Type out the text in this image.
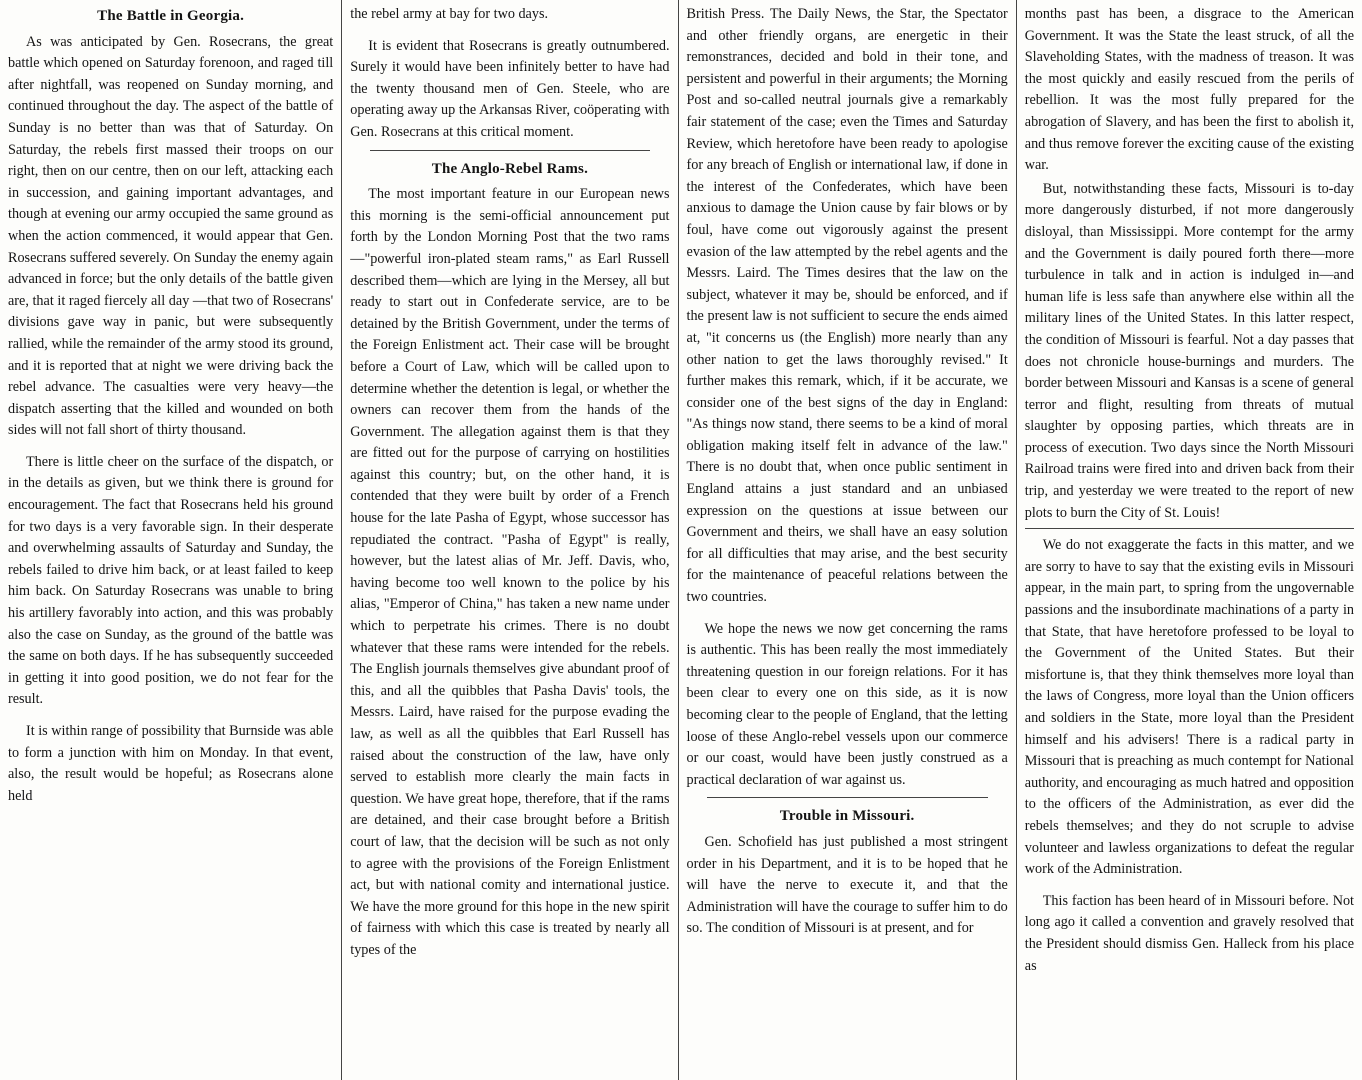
The Battle in Georgia.

As was anticipated by Gen. Rosecrans, the great battle which opened on Saturday forenoon, and raged till after nightfall, was reopened on Sunday morning, and continued throughout the day. The aspect of the battle of Sunday is no better than was that of Saturday. On Saturday, the rebels first massed their troops on our right, then on our centre, then on our left, attacking each in succession, and gaining important advantages, and though at evening our army occupied the same ground as when the action commenced, it would appear that Gen. Rosecrans suffered severely. On Sunday the enemy again advanced in force; but the only details of the battle given are, that it raged fiercely all day —that two of Rosecrans' divisions gave way in panic, but were subsequently rallied, while the remainder of the army stood its ground, and it is reported that at night we were driving back the rebel advance. The casualties were very heavy—the dispatch asserting that the killed and wounded on both sides will not fall short of thirty thousand.

There is little cheer on the surface of the dispatch, or in the details as given, but we think there is ground for encouragement. The fact that Rosecrans held his ground for two days is a very favorable sign. In their desperate and overwhelming assaults of Saturday and Sunday, the rebels failed to drive him back, or at least failed to keep him back. On Saturday Rosecrans was unable to bring his artillery favorably into action, and this was probably also the case on Sunday, as the ground of the battle was the same on both days. If he has subsequently succeeded in getting it into good position, we do not fear for the result.

It is within range of possibility that Burnside was able to form a junction with him on Monday. In that event, also, the result would be hopeful; as Rosecrans alone held

the rebel army at bay for two days.

It is evident that Rosecrans is greatly outnumbered. Surely it would have been infinitely better to have had the twenty thousand men of Gen. Steele, who are operating away up the Arkansas River, coöperating with Gen. Rosecrans at this critical moment.

The Anglo-Rebel Rams.

The most important feature in our European news this morning is the semi-official announcement put forth by the London Morning Post that the two rams—"powerful iron-plated steam rams," as Earl Russell described them—which are lying in the Mersey, all but ready to start out in Confederate service, are to be detained by the British Government, under the terms of the Foreign Enlistment act. Their case will be brought before a Court of Law, which will be called upon to determine whether the detention is legal, or whether the owners can recover them from the hands of the Government. The allegation against them is that they are fitted out for the purpose of carrying on hostilities against this country; but, on the other hand, it is contended that they were built by order of a French house for the late Pasha of Egypt, whose successor has repudiated the contract. "Pasha of Egypt" is really, however, but the latest alias of Mr. Jeff. Davis, who, having become too well known to the police by his alias, "Emperor of China," has taken a new name under which to perpetrate his crimes. There is no doubt whatever that these rams were intended for the rebels. The English journals themselves give abundant proof of this, and all the quibbles that Pasha Davis' tools, the Messrs. Laird, have raised for the purpose evading the law, as well as all the quibbles that Earl Russell has raised about the construction of the law, have only served to establish more clearly the main facts in question. We have great hope, therefore, that if the rams are detained, and their case brought before a British court of law, that the decision will be such as not only to agree with the provisions of the Foreign Enlistment act, but with national comity and international justice. We have the more ground for this hope in the new spirit of fairness with which this case is treated by nearly all types of the

British Press. The Daily News, the Star, the Spectator and other friendly organs, are energetic in their remonstrances, decided and bold in their tone, and persistent and powerful in their arguments; the Morning Post and so-called neutral journals give a remarkably fair statement of the case; even the Times and Saturday Review, which heretofore have been ready to apologise for any breach of English or international law, if done in the interest of the Confederates, which have been anxious to damage the Union cause by fair blows or by foul, have come out vigorously against the present evasion of the law attempted by the rebel agents and the Messrs. Laird. The Times desires that the law on the subject, whatever it may be, should be enforced, and if the present law is not sufficient to secure the ends aimed at, "it concerns us (the English) more nearly than any other nation to get the laws thoroughly revised." It further makes this remark, which, if it be accurate, we consider one of the best signs of the day in England: "As things now stand, there seems to be a kind of moral obligation making itself felt in advance of the law." There is no doubt that, when once public sentiment in England attains a just standard and an unbiased expression on the questions at issue between our Government and theirs, we shall have an easy solution for all difficulties that may arise, and the best security for the maintenance of peaceful relations between the two countries.

We hope the news we now get concerning the rams is authentic. This has been really the most immediately threatening question in our foreign relations. For it has been clear to every one on this side, as it is now becoming clear to the people of England, that the letting loose of these Anglo-rebel vessels upon our commerce or our coast, would have been justly construed as a practical declaration of war against us.

Trouble in Missouri.

Gen. Schofield has just published a most stringent order in his Department, and it is to be hoped that he will have the nerve to execute it, and that the Administration will have the courage to suffer him to do so. The condition of Missouri is at present, and for

months past has been, a disgrace to the American Government. It was the State the least struck, of all the Slaveholding States, with the madness of treason. It was the most quickly and easily rescued from the perils of rebellion. It was the most fully prepared for the abrogation of Slavery, and has been the first to abolish it, and thus remove forever the exciting cause of the existing war.

But, notwithstanding these facts, Missouri is to-day more dangerously disturbed, if not more dangerously disloyal, than Mississippi. More contempt for the army and the Government is daily poured forth there—more turbulence in talk and in action is indulged in—and human life is less safe than anywhere else within all the military lines of the United States. In this latter respect, the condition of Missouri is fearful. Not a day passes that does not chronicle house-burnings and murders. The border between Missouri and Kansas is a scene of general terror and flight, resulting from threats of mutual slaughter by opposing parties, which threats are in process of execution. Two days since the North Missouri Railroad trains were fired into and driven back from their trip, and yesterday we were treated to the report of new plots to burn the City of St. Louis!

We do not exaggerate the facts in this matter, and we are sorry to have to say that the existing evils in Missouri appear, in the main part, to spring from the ungovernable passions and the insubordinate machinations of a party in that State, that have heretofore professed to be loyal to the Government of the United States. But their misfortune is, that they think themselves more loyal than the laws of Congress, more loyal than the Union officers and soldiers in the State, more loyal than the President himself and his advisers! There is a radical party in Missouri that is preaching as much contempt for National authority, and encouraging as much hatred and opposition to the officers of the Administration, as ever did the rebels themselves; and they do not scruple to advise volunteer and lawless organizations to defeat the regular work of the Administration.

This faction has been heard of in Missouri before. Not long ago it called a convention and gravely resolved that the President should dismiss Gen. Halleck from his place as
